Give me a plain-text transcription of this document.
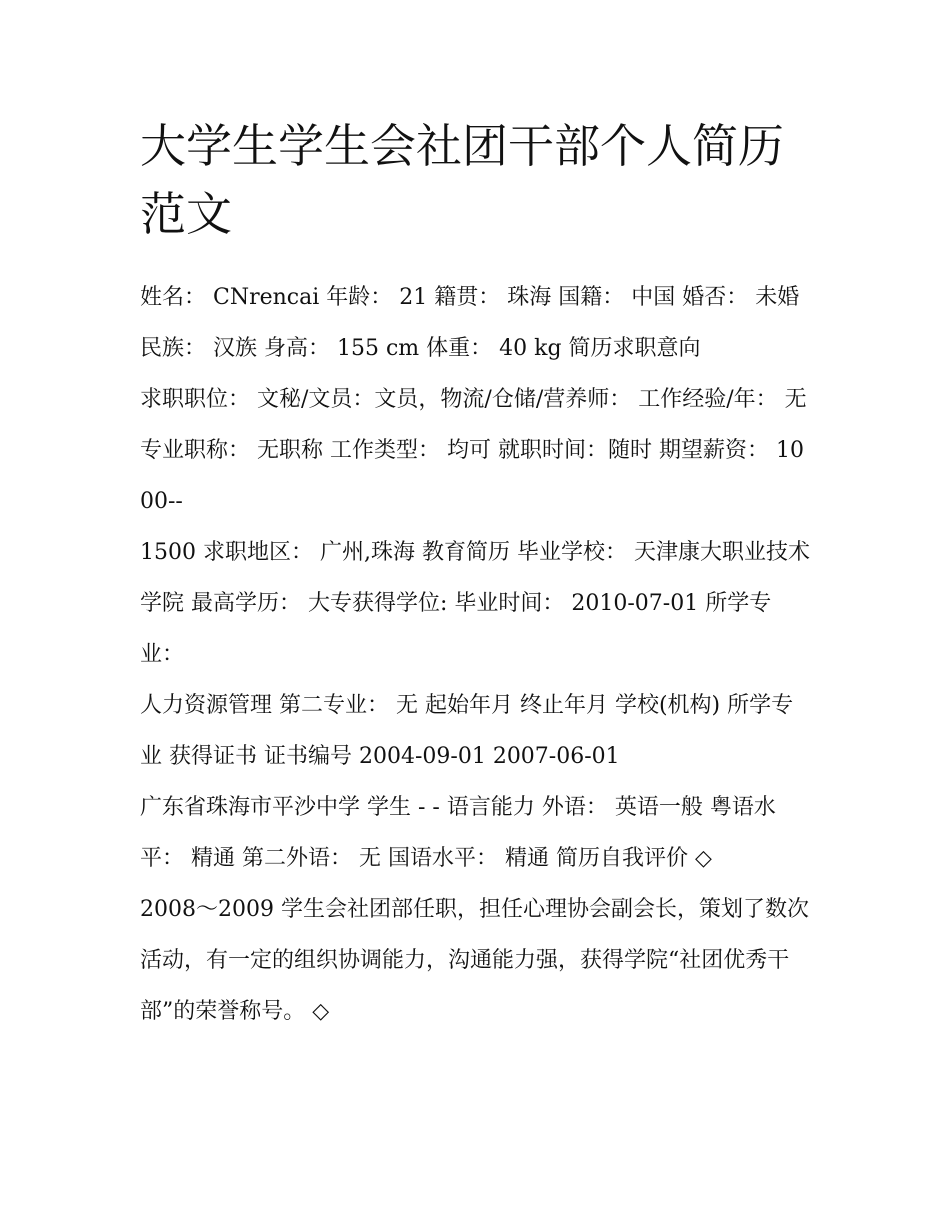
大学生学生会社团干部个人简历范文

姓名： CNrencai 年龄： 21 籍贯： 珠海 国籍： 中国 婚否： 未婚 民族： 汉族 身高： 155 cm 体重： 40 kg 简历求职意向

求职职位： 文秘/文员：文员，物流/仓储/营养师： 工作经验/年： 无 专业职称： 无职称 工作类型： 均可 就职时间：随时 期望薪资： 1000--

1500 求职地区： 广州,珠海 教育简历 毕业学校： 天津康大职业技术学院 最高学历： 大专获得学位: 毕业时间： 2010-07-01 所学专业：

人力资源管理 第二专业： 无 起始年月 终止年月 学校(机构) 所学专业 获得证书 证书编号 2004-09-01 2007-06-01

广东省珠海市平沙中学 学生 - - 语言能力 外语： 英语一般 粤语水平： 精通 第二外语： 无 国语水平： 精通 简历自我评价 ◇

2008～2009 学生会社团部任职，担任心理协会副会长，策划了数次活动，有一定的组织协调能力，沟通能力强，获得学院“社团优秀干部”的荣誉称号。 ◇
